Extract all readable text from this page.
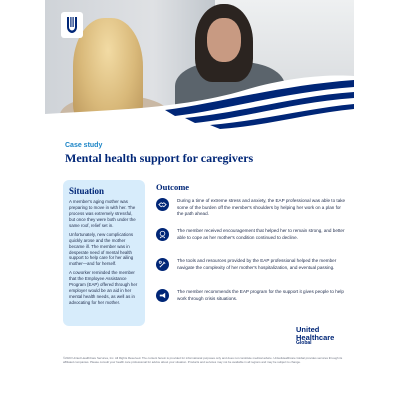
Case study
Mental health support for caregivers
Situation

A member's aging mother was preparing to move in with her. The process was extremely stressful, but once they were both under the same roof, relief set in.

Unfortunately, new complications quickly arose and the mother became ill. The member was in desperate need of mental health support to help care for her ailing mother—and for herself.

A coworker reminded the member that the Employee Assistance Program (EAP) offered through her employer would be an aid in her mental health needs, as well as in advocating for her mother.

Outcome
During a time of extreme stress and anxiety, the EAP professional was able to take some of the burden off the member's shoulders by helping her work on a plan for the path ahead.
The member received encouragement that helped her to remain strong, and better able to cope as her mother's condition continued to decline.
The tools and resources provided by the EAP professional helped the member navigate the complexity of her mother's hospitalization, and eventual passing.
The member recommends the EAP program for the support it gives people to help work through crisis situations.
United Healthcare
Global
©2023 United HealthCare Services, Inc. All Rights Reserved. The content herein is provided for informational purposes only and does not constitute medical advice. UnitedHealthcare Global provides services through its affiliated companies. Please consult your health care professional for advice about your situation. Products and services may not be available in all regions and may be subject to change.
